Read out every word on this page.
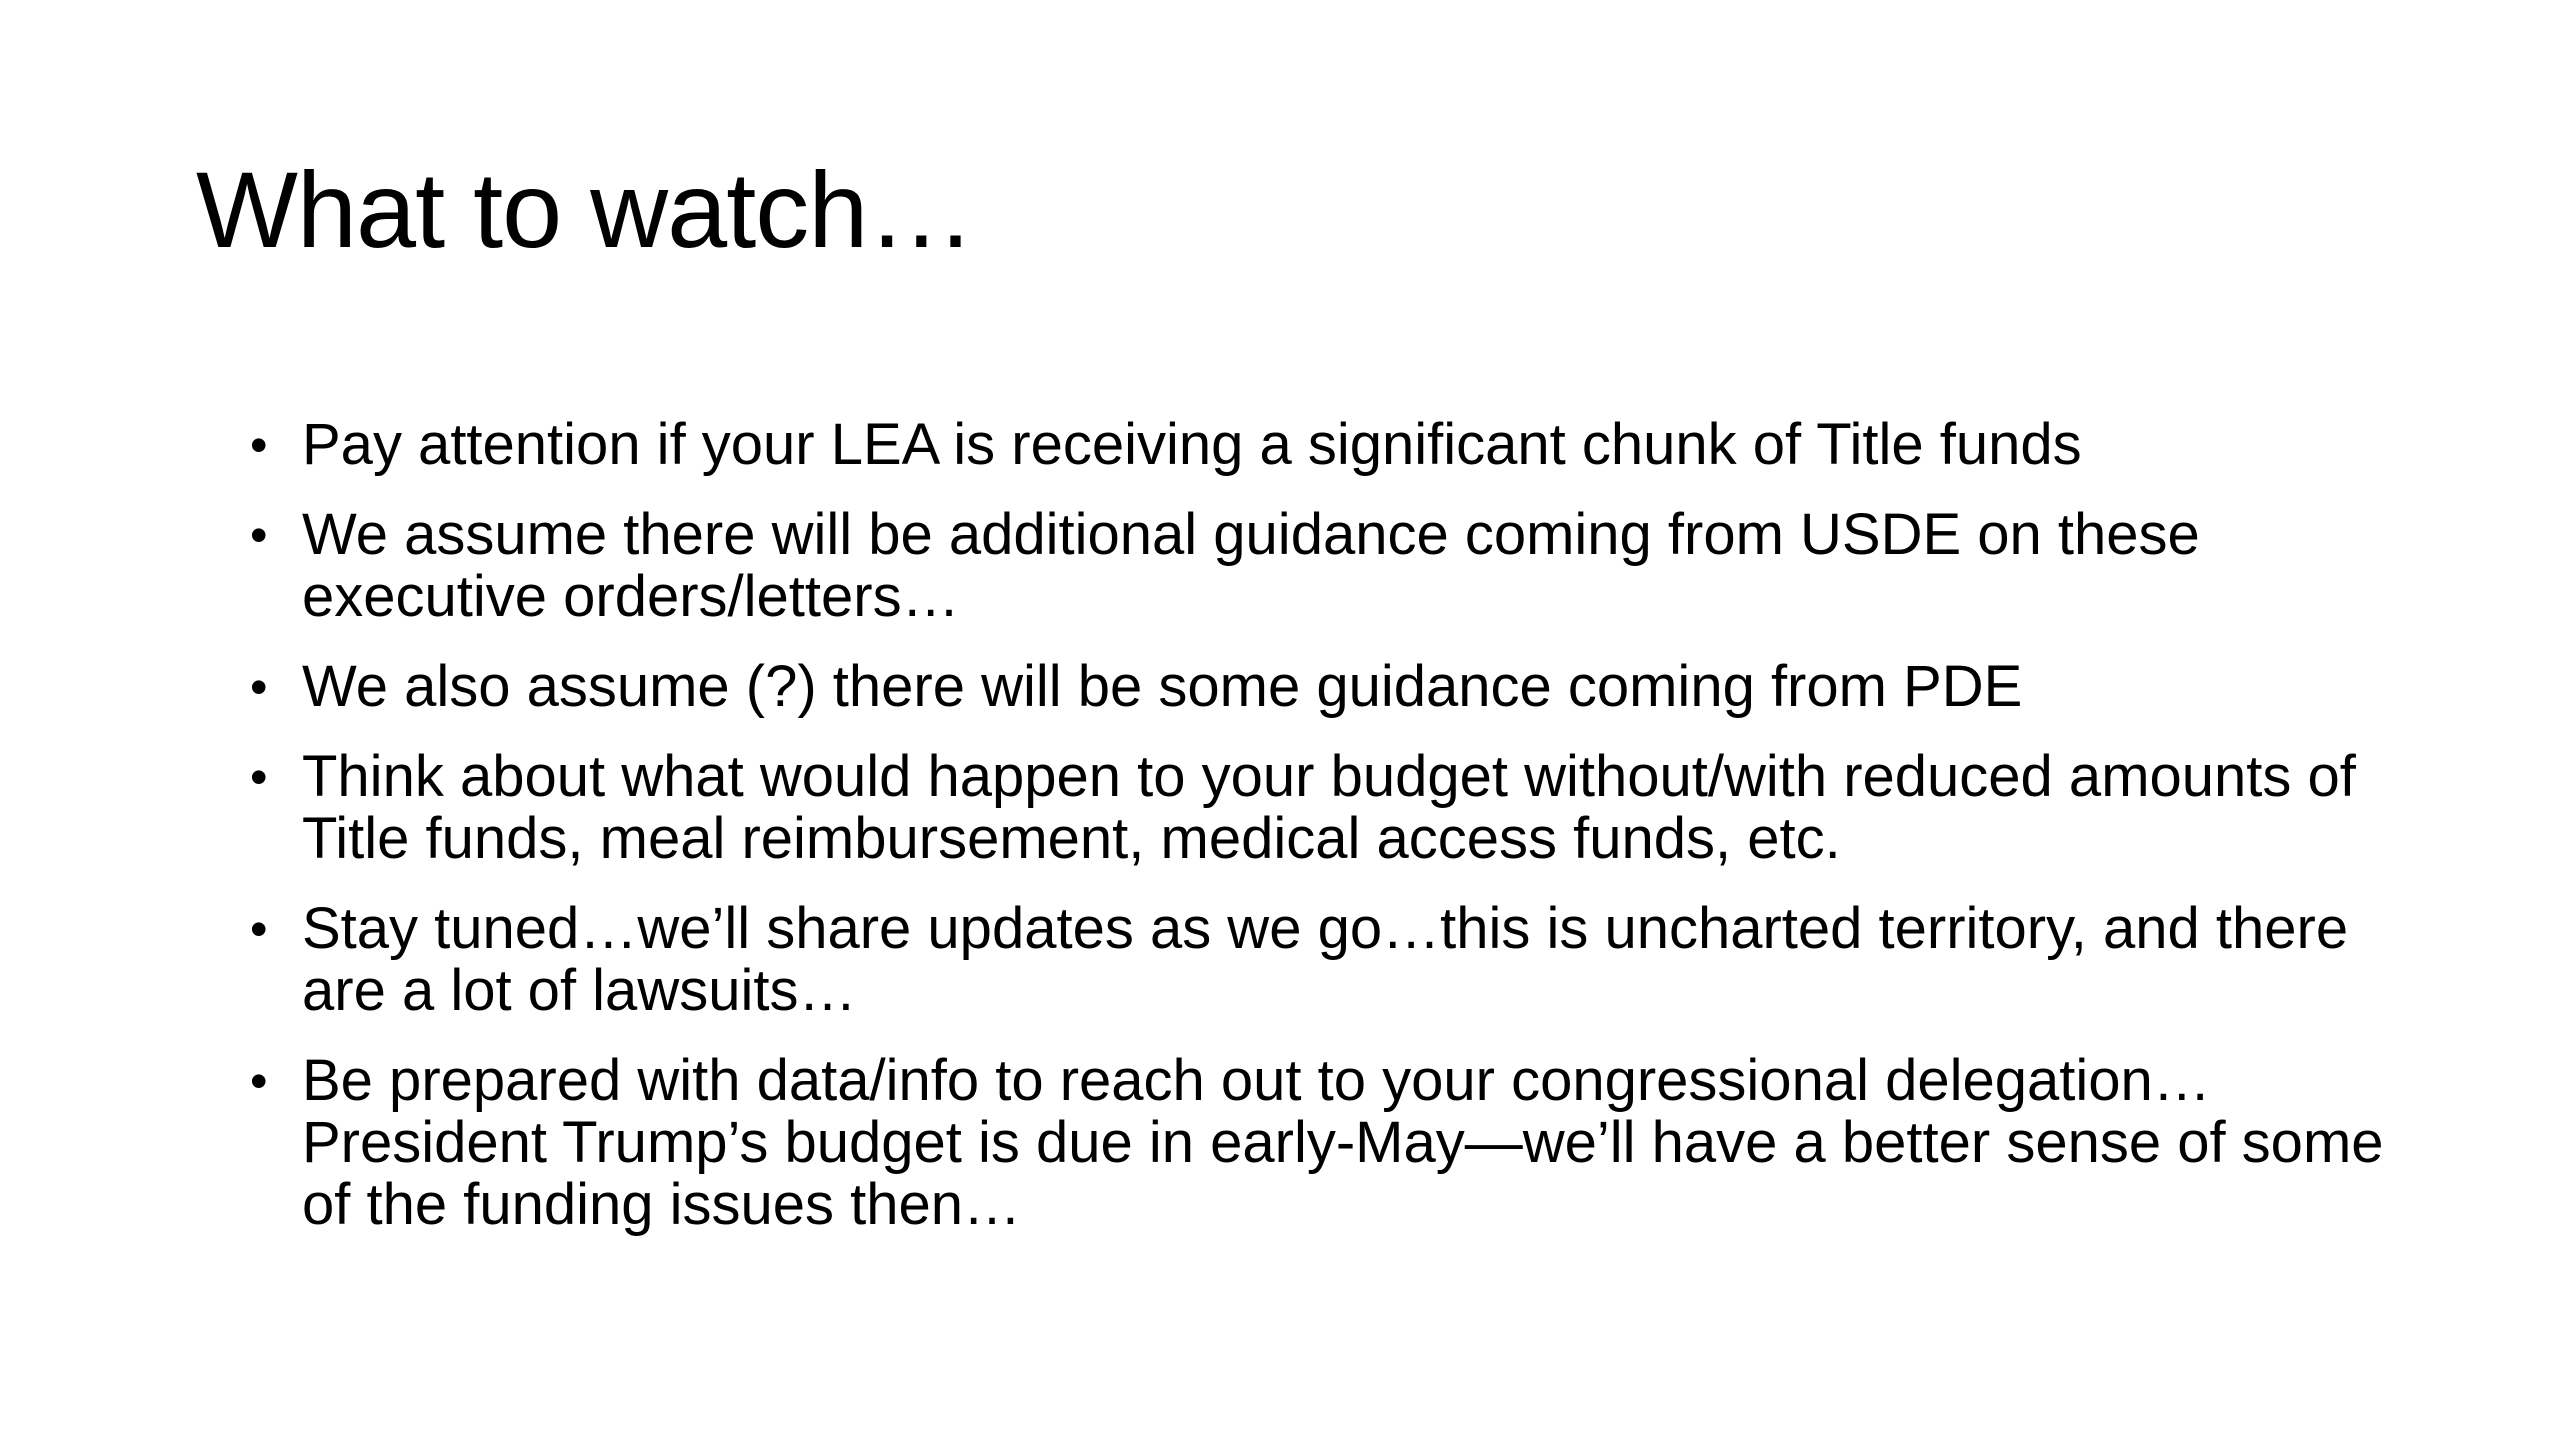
What to watch…
• Pay attention if your LEA is receiving a significant chunk of Title funds
• We assume there will be additional guidance coming from USDE on these executive orders/letters…
• We also assume (?) there will be some guidance coming from PDE
• Think about what would happen to your budget without/with reduced amounts of Title funds, meal reimbursement, medical access funds, etc.
• Stay tuned…we’ll share updates as we go…this is uncharted territory, and there are a lot of lawsuits…
• Be prepared with data/info to reach out to your congressional delegation…President Trump’s budget is due in early-May—we’ll have a better sense of some of the funding issues then…
